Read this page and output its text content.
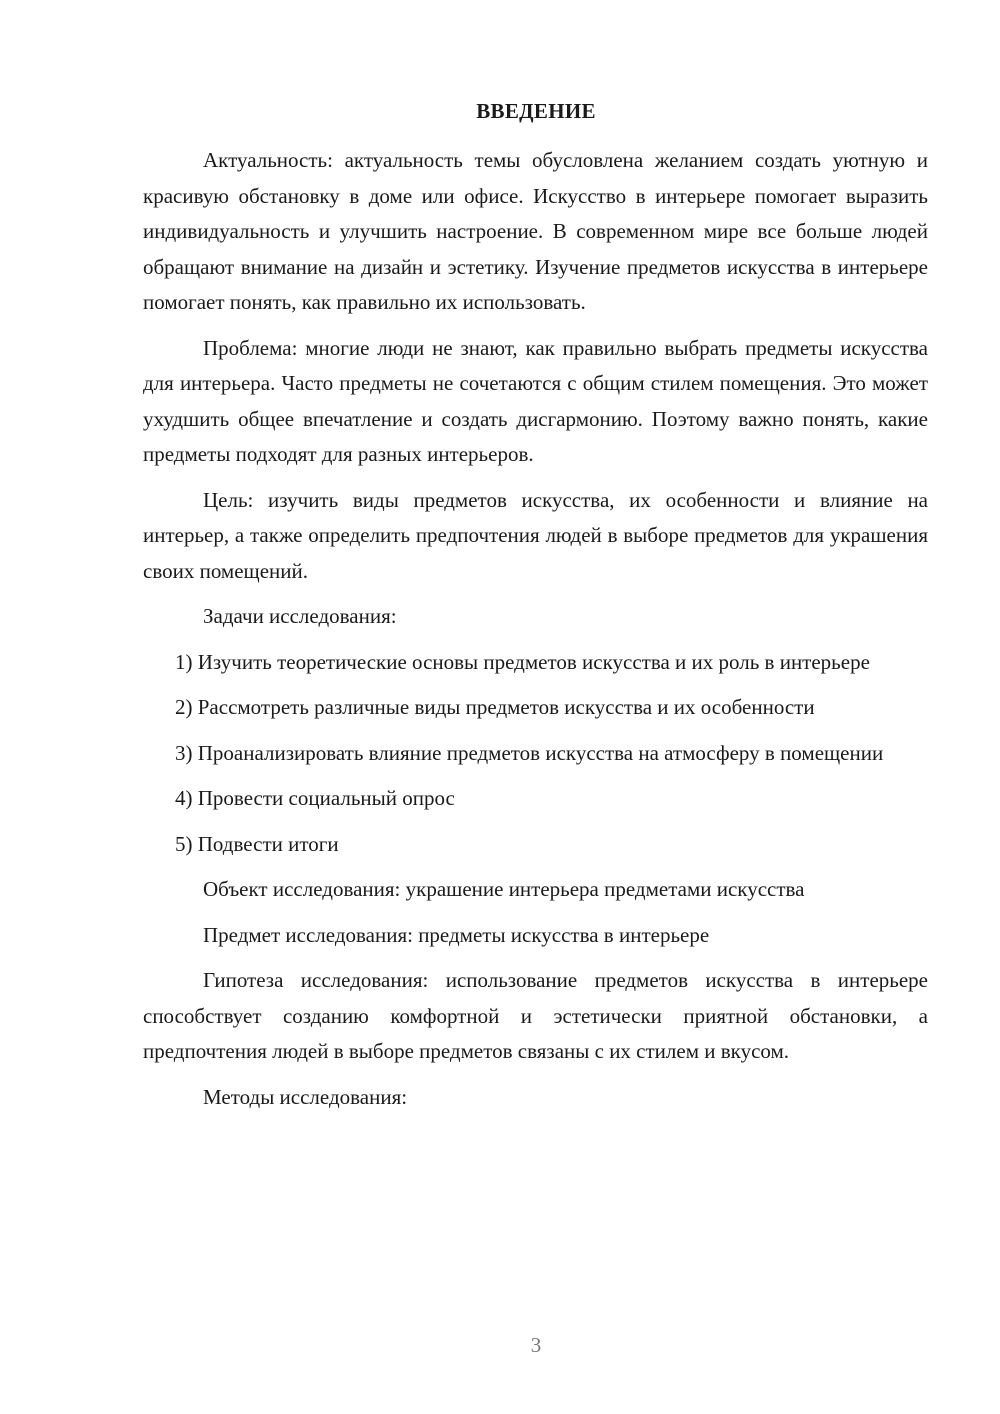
ВВЕДЕНИЕ

Актуальность: актуальность темы обусловлена желанием создать уютную и красивую обстановку в доме или офисе. Искусство в интерьере помогает выразить индивидуальность и улучшить настроение. В современном мире все больше людей обращают внимание на дизайн и эстетику. Изучение предметов искусства в интерьере помогает понять, как правильно их использовать.

Проблема: многие люди не знают, как правильно выбрать предметы искусства для интерьера. Часто предметы не сочетаются с общим стилем помещения. Это может ухудшить общее впечатление и создать дисгармонию. Поэтому важно понять, какие предметы подходят для разных интерьеров.

Цель: изучить виды предметов искусства, их особенности и влияние на интерьер, а также определить предпочтения людей в выборе предметов для украшения своих помещений.

Задачи исследования:

1) Изучить теоретические основы предметов искусства и их роль в интерьере

2) Рассмотреть различные виды предметов искусства и их особенности

3) Проанализировать влияние предметов искусства на атмосферу в помещении

4) Провести социальный опрос

5) Подвести итоги

Объект исследования: украшение интерьера предметами искусства

Предмет исследования: предметы искусства в интерьере

Гипотеза исследования: использование предметов искусства в интерьере способствует созданию комфортной и эстетически приятной обстановки, а предпочтения людей в выборе предметов связаны с их стилем и вкусом.

Методы исследования:

3
